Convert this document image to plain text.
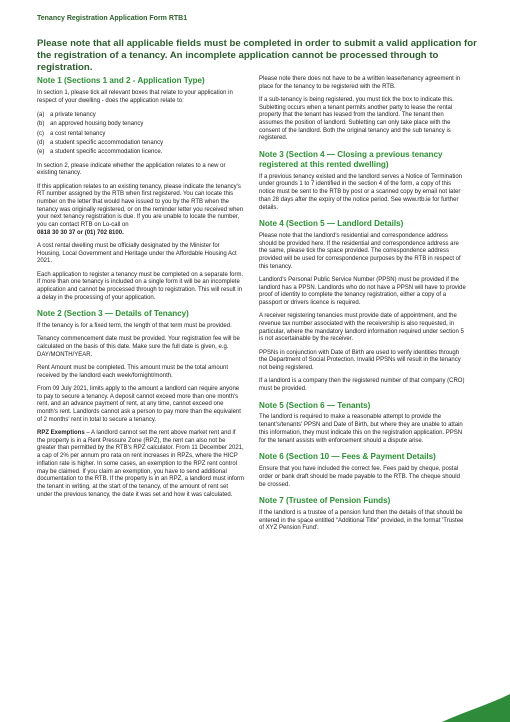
Tenancy Registration Application Form RTB1
Please note that all applicable fields must be completed in order to submit a valid application for the registration of a tenancy. An incomplete application cannot be processed through to registration.
Note 1 (Sections 1 and 2 - Application Type)

In section 1, please tick all relevant boxes that relate to your application in respect of your dwelling - does the application relate to:

(a) a private tenancy
(b) an approved housing body tenancy
(c) a cost rental tenancy
(d) a student specific accommodation tenancy
(e) a student specific accommodation licence.

In section 2, please indicate whether the application relates to a new or existing tenancy.

If this application relates to an existing tenancy, please indicate the tenancy's RT number assigned by the RTB when first registered. You can locate this number on the letter that would have issued to you by the RTB when the tenancy was originally registered, or on the reminder letter you received when your next tenancy registration is due. If you are unable to locate the number, you can contact RTB on Lo-call on
0818 30 30 37 or (01) 702 8100.

A cost rental dwelling must be officially designated by the Minister for Housing, Local Government and Heritage under the Affordable Housing Act 2021.

Each application to register a tenancy must be completed on a separate form. If more than one tenancy is included on a single form it will be an incomplete application and cannot be processed through to registration. This will result in a delay in the processing of your application.

Note 2 (Section 3 — Details of Tenancy)

If the tenancy is for a fixed term, the length of that term must be provided.

Tenancy commencement date must be provided. Your registration fee will be calculated on the basis of this date. Make sure the full date is given, e.g. DAY/MONTH/YEAR.

Rent Amount must be completed. This amount must be the total amount received by the landlord each week/fornight/month.

From 09 July 2021, limits apply to the amount a landlord can require anyone to pay to secure a tenancy. A deposit cannot exceed more than one month's rent, and an advance payment of rent, at any time, cannot exceed one month's rent. Landlords cannot ask a person to pay more than the equivalent of 2 months' rent in total to secure a tenancy.

RPZ Exemptions – A landlord cannot set the rent above market rent and if the property is in a Rent Pressure Zone (RPZ), the rent can also not be greater than permitted by the RTB's RPZ calculator. From 11 December 2021, a cap of 2% per annum pro rata on rent increases in RPZs, where the HICP inflation rate is higher. In some cases, an exemption to the RPZ rent control may be claimed. If you claim an exemption, you have to send additional documentation to the RTB. If the property is in an RPZ, a landlord must inform the tenant in writing, at the start of the tenancy, of the amount of rent set under the previous tenancy, the date it was set and how it was calculated.

Please note there does not have to be a written lease/tenancy agreement in place for the tenancy to be registered with the RTB.

If a sub-tenancy is being registered, you must tick the box to indicate this. Subletting occurs when a tenant permits another party to lease the rental property that the tenant has leased from the landlord. The tenant then assumes the position of landlord. Subletting can only take place with the consent of the landlord. Both the original tenancy and the sub tenancy is registered.

Note 3 (Section 4 — Closing a previous tenancy registered at this rented dwelling)

If a previous tenancy existed and the landlord serves a Notice of Termination under grounds 1 to 7 identified in the section 4 of the form, a copy of this notice must be sent to the RTB by post or a scanned copy by email not later than 28 days after the expiry of the notice period. See www.rtb.ie for further details.

Note 4 (Section 5 — Landlord Details)

Please note that the landlord's residential and correspondence address should be provided here. If the residential and correspondence address are the same, please tick the space provided. The correspondence address provided will be used for correspondence purposes by the RTB in respect of this tenancy.

Landlord's Personal Public Service Number (PPSN) must be provided if the landlord has a PPSN. Landlords who do not have a PPSN will have to provide proof of identity to complete the tenancy registration, either a copy of a passport or drivers licence is required.

A receiver registering tenancies must provide date of appointment, and the revenue tax number associated with the receivership is also requested, in particular, where the mandatory landlord information required under section 5 is not ascertainable by the receiver.

PPSNs in conjunction with Date of Birth are used to verify identities through the Department of Social Protection. Invalid PPSNs will result in the tenancy not being registered.

If a landlord is a company then the registered number of that company (CRO) must be provided.

Note 5 (Section 6 — Tenants)

The landlord is required to make a reasonable attempt to provide the tenant's/tenants' PPSN and Date of Birth, but where they are unable to attain this information, they must indicate this on the registration application. PPSN for the tenant assists with enforcement should a dispute arise.

Note 6 (Section 10 — Fees & Payment Details)

Ensure that you have included the correct fee. Fees paid by cheque, postal order or bank draft should be made payable to the RTB. The cheque should be crossed.

Note 7 (Trustee of Pension Funds)

If the landlord is a trustee of a pension fund then the details of that should be entered in the space entitled “Additional Title” provided, in the format 'Trustee of XYZ Pension Fund'.
